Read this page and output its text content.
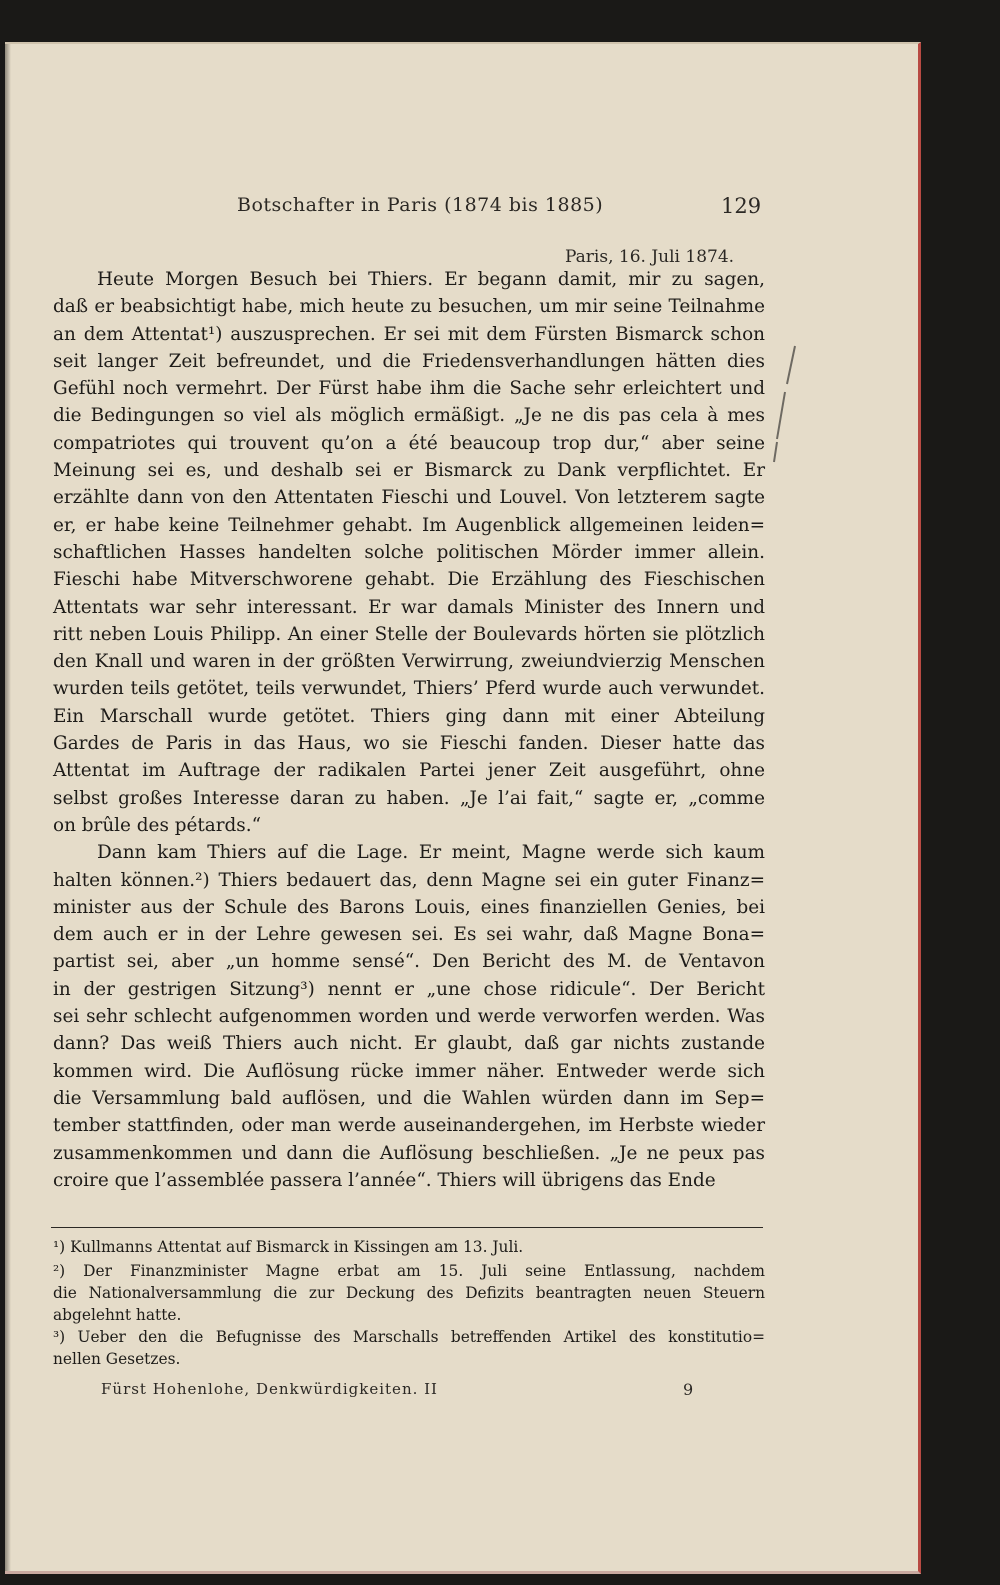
Botschafter in Paris (1874 bis 1885)	129
Paris, 16. Juli 1874.

Heute Morgen Besuch bei Thiers. Er begann damit, mir zu sagen,
daß er beabsichtigt habe, mich heute zu besuchen, um mir seine Teilnahme
an dem Attentat¹) auszusprechen. Er sei mit dem Fürsten Bismarck schon
seit langer Zeit befreundet, und die Friedensverhandlungen hätten dies
Gefühl noch vermehrt. Der Fürst habe ihm die Sache sehr erleichtert und
die Bedingungen so viel als möglich ermäßigt. „Je ne dis pas cela à mes
compatriotes qui trouvent qu’on a été beaucoup trop dur,“ aber seine
Meinung sei es, und deshalb sei er Bismarck zu Dank verpflichtet. Er
erzählte dann von den Attentaten Fieschi und Louvel. Von letzterem sagte
er, er habe keine Teilnehmer gehabt. Im Augenblick allgemeinen leiden=
schaftlichen Hasses handelten solche politischen Mörder immer allein.
Fieschi habe Mitverschworene gehabt. Die Erzählung des Fieschischen
Attentats war sehr interessant. Er war damals Minister des Innern und
ritt neben Louis Philipp. An einer Stelle der Boulevards hörten sie plötzlich
den Knall und waren in der größten Verwirrung, zweiundvierzig Menschen
wurden teils getötet, teils verwundet, Thiers’ Pferd wurde auch verwundet.
Ein Marschall wurde getötet. Thiers ging dann mit einer Abteilung
Gardes de Paris in das Haus, wo sie Fieschi fanden. Dieser hatte das
Attentat im Auftrage der radikalen Partei jener Zeit ausgeführt, ohne
selbst großes Interesse daran zu haben. „Je l’ai fait,“ sagte er, „comme
on brûle des pétards.“

Dann kam Thiers auf die Lage. Er meint, Magne werde sich kaum
halten können.²) Thiers bedauert das, denn Magne sei ein guter Finanz=
minister aus der Schule des Barons Louis, eines finanziellen Genies, bei
dem auch er in der Lehre gewesen sei. Es sei wahr, daß Magne Bona=
partist sei, aber „un homme sensé“. Den Bericht des M. de Ventavon
in der gestrigen Sitzung³) nennt er „une chose ridicule“. Der Bericht
sei sehr schlecht aufgenommen worden und werde verworfen werden. Was
dann? Das weiß Thiers auch nicht. Er glaubt, daß gar nichts zustande
kommen wird. Die Auflösung rücke immer näher. Entweder werde sich
die Versammlung bald auflösen, und die Wahlen würden dann im Sep=
tember stattfinden, oder man werde auseinandergehen, im Herbste wieder
zusammenkommen und dann die Auflösung beschließen. „Je ne peux pas
croire que l’assemblée passera l’année“. Thiers will übrigens das Ende

¹) Kullmanns Attentat auf Bismarck in Kissingen am 13. Juli.
²) Der Finanzminister Magne erbat am 15. Juli seine Entlassung, nachdem
die Nationalversammlung die zur Deckung des Defizits beantragten neuen Steuern
abgelehnt hatte.
³) Ueber den die Befugnisse des Marschalls betreffenden Artikel des konstitutio=
nellen Gesetzes.
Fürst Hohenlohe, Denkwürdigkeiten. II	9
